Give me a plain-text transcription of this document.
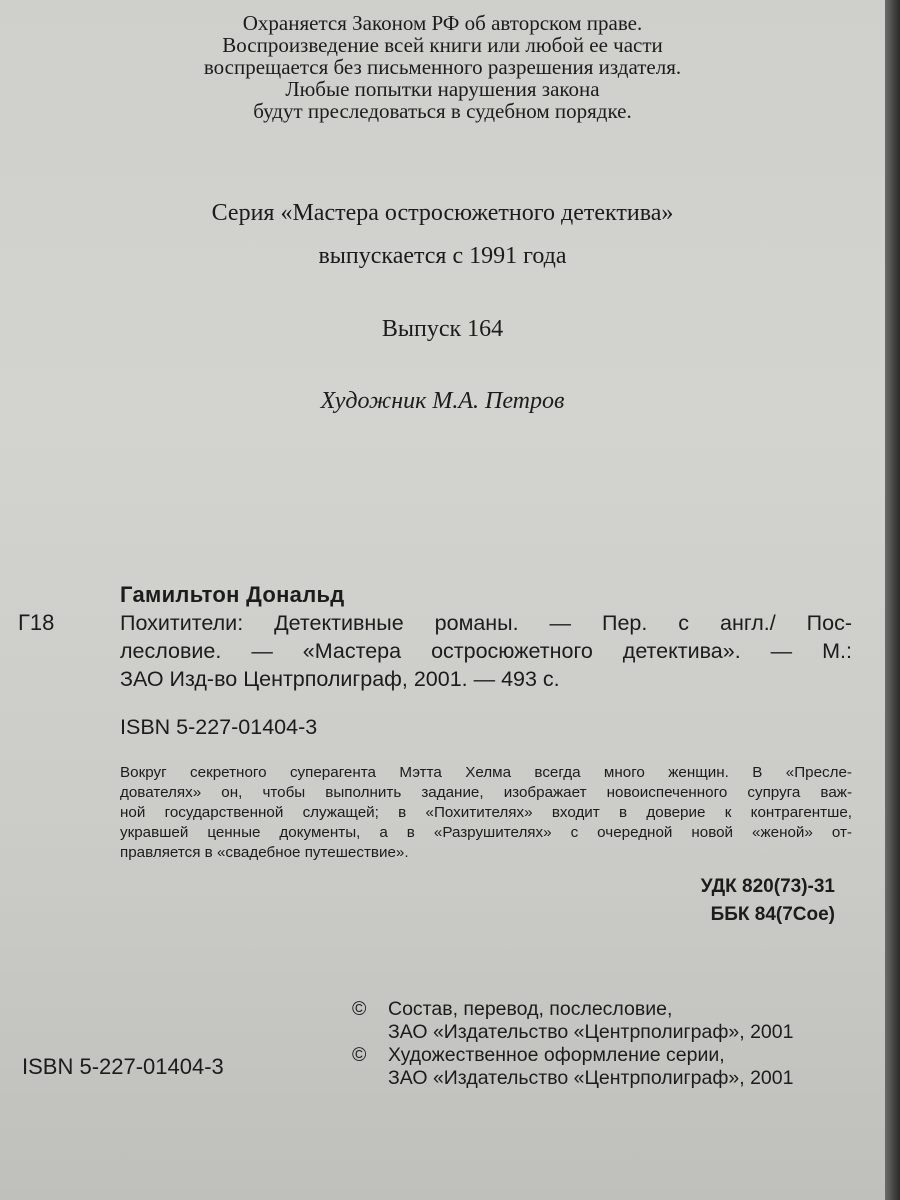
Охраняется Законом РФ об авторском праве.
Воспроизведение всей книги или любой ее части
воспрещается без письменного разрешения издателя.
Любые попытки нарушения закона
будут преследоваться в судебном порядке.
Серия «Мастера остросюжетного детектива»
выпускается с 1991 года
Выпуск 164
Художник М.А. Петров
Гамильтон Дональд
Г18	Похитители: Детективные романы. — Пер. с англ./ Пос-
лесловие. — «Мастера остросюжетного детектива». — М.:
ЗАО Изд-во Центрполиграф, 2001. — 493 с.
ISBN 5-227-01404-3
Вокруг секретного суперагента Мэтта Хелма всегда много женщин. В «Пресле-
дователях» он, чтобы выполнить задание, изображает новоиспеченного супруга важ-
ной государственной служащей; в «Похитителях» входит в доверие к контрагентше,
укравшей ценные документы, а в «Разрушителях» с очередной новой «женой» от-
правляется в «свадебное путешествие».
УДК 820(73)-31
ББК 84(7Сое)
©	Состав, перевод, послесловие,
ЗАО «Издательство «Центрполиграф», 2001
©	Художественное оформление серии,
ЗАО «Издательство «Центрполиграф», 2001
ISBN 5-227-01404-3
